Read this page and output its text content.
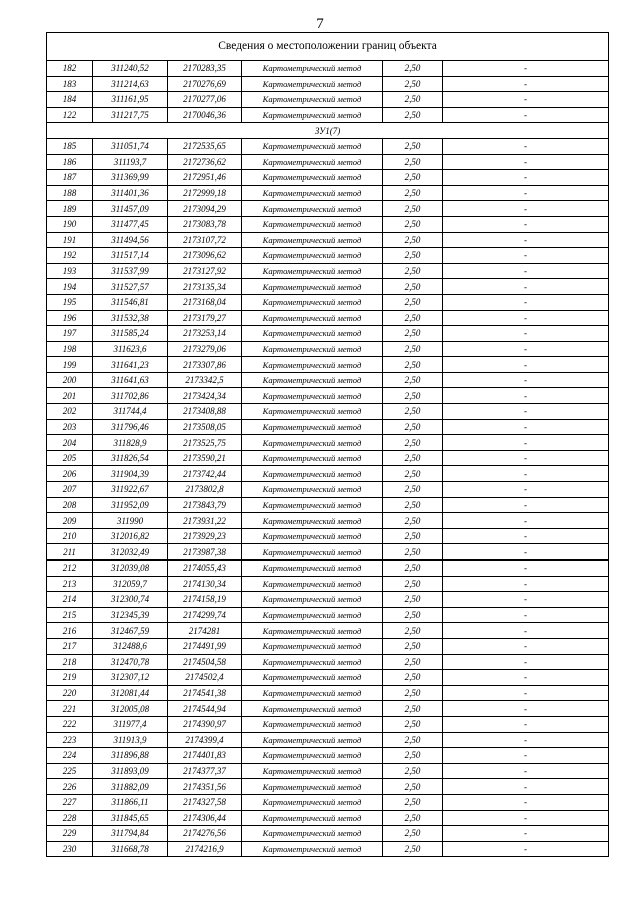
7
Сведения о местоположении границ объекта					
182	311240,52	2170283,35	Картометрический метод	2,50	-
183	311214,63	2170276,69	Картометрический метод	2,50	-
184	311161,95	2170277,06	Картометрический метод	2,50	-
122	311217,75	2170046,36	Картометрический метод	2,50	-
ЗУ1(7)					
185	311051,74	2172535,65	Картометрический метод	2,50	-
186	311193,7	2172736,62	Картометрический метод	2,50	-
187	311369,99	2172951,46	Картометрический метод	2,50	-
188	311401,36	2172999,18	Картометрический метод	2,50	-
189	311457,09	2173094,29	Картометрический метод	2,50	-
190	311477,45	2173083,78	Картометрический метод	2,50	-
191	311494,56	2173107,72	Картометрический метод	2,50	-
192	311517,14	2173096,62	Картометрический метод	2,50	-
193	311537,99	2173127,92	Картометрический метод	2,50	-
194	311527,57	2173135,34	Картометрический метод	2,50	-
195	311546,81	2173168,04	Картометрический метод	2,50	-
196	311532,38	2173179,27	Картометрический метод	2,50	-
197	311585,24	2173253,14	Картометрический метод	2,50	-
198	311623,6	2173279,06	Картометрический метод	2,50	-
199	311641,23	2173307,86	Картометрический метод	2,50	-
200	311641,63	2173342,5	Картометрический метод	2,50	-
201	311702,86	2173424,34	Картометрический метод	2,50	-
202	311744,4	2173408,88	Картометрический метод	2,50	-
203	311796,46	2173508,05	Картометрический метод	2,50	-
204	311828,9	2173525,75	Картометрический метод	2,50	-
205	311826,54	2173590,21	Картометрический метод	2,50	-
206	311904,39	2173742,44	Картометрический метод	2,50	-
207	311922,67	2173802,8	Картометрический метод	2,50	-
208	311952,09	2173843,79	Картометрический метод	2,50	-
209	311990	2173931,22	Картометрический метод	2,50	-
210	312016,82	2173929,23	Картометрический метод	2,50	-
211	312032,49	2173987,38	Картометрический метод	2,50	-
212	312039,08	2174055,43	Картометрический метод	2,50	-
213	312059,7	2174130,34	Картометрический метод	2,50	-
214	312300,74	2174158,19	Картометрический метод	2,50	-
215	312345,39	2174299,74	Картометрический метод	2,50	-
216	312467,59	2174281	Картометрический метод	2,50	-
217	312488,6	2174491,99	Картометрический метод	2,50	-
218	312470,78	2174504,58	Картометрический метод	2,50	-
219	312307,12	2174502,4	Картометрический метод	2,50	-
220	312081,44	2174541,38	Картометрический метод	2,50	-
221	312005,08	2174544,94	Картометрический метод	2,50	-
222	311977,4	2174390,97	Картометрический метод	2,50	-
223	311913,9	2174399,4	Картометрический метод	2,50	-
224	311896,88	2174401,83	Картометрический метод	2,50	-
225	311893,09	2174377,37	Картометрический метод	2,50	-
226	311882,09	2174351,56	Картометрический метод	2,50	-
227	311866,11	2174327,58	Картометрический метод	2,50	-
228	311845,65	2174306,44	Картометрический метод	2,50	-
229	311794,84	2174276,56	Картометрический метод	2,50	-
230	311668,78	2174216,9	Картометрический метод	2,50	-
